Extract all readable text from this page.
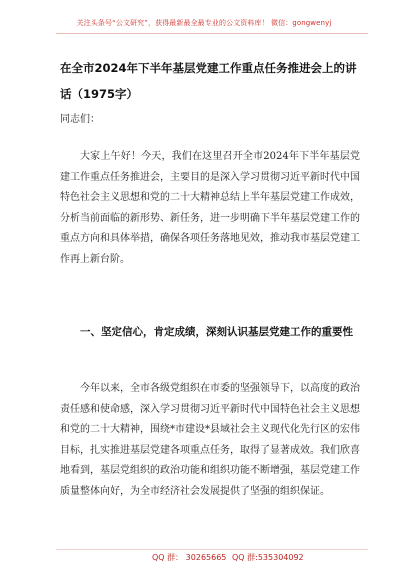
关注头条号“公文研究”，获得最新最全最专业的公文资料库！ 微信：gongwenyj
在全市2024年下半年基层党建工作重点任务推进会上的讲话（1975字）
同志们：
大家上午好！今天，我们在这里召开全市2024年下半年基层党建工作重点任务推进会，主要目的是深入学习贯彻习近平新时代中国特色社会主义思想和党的二十大精神总结上半年基层党建工作成效，分析当前面临的新形势、新任务，进一步明确下半年基层党建工作的重点方向和具体举措，确保各项任务落地见效，推动我市基层党建工作再上新台阶。
一、坚定信心，肯定成绩，深刻认识基层党建工作的重要性
今年以来，全市各级党组织在市委的坚强领导下，以高度的政治责任感和使命感，深入学习贯彻习近平新时代中国特色社会主义思想和党的二十大精神，围绕*市建设*县域社会主义现代化先行区的宏伟目标，扎实推进基层党建各项重点任务，取得了显著成效。我们欣喜地看到，基层党组织的政治功能和组织功能不断增强，基层党建工作质量整体向好，为全市经济社会发展提供了坚强的组织保证。
QQ 群： 30265665 QQ 群:535304092
